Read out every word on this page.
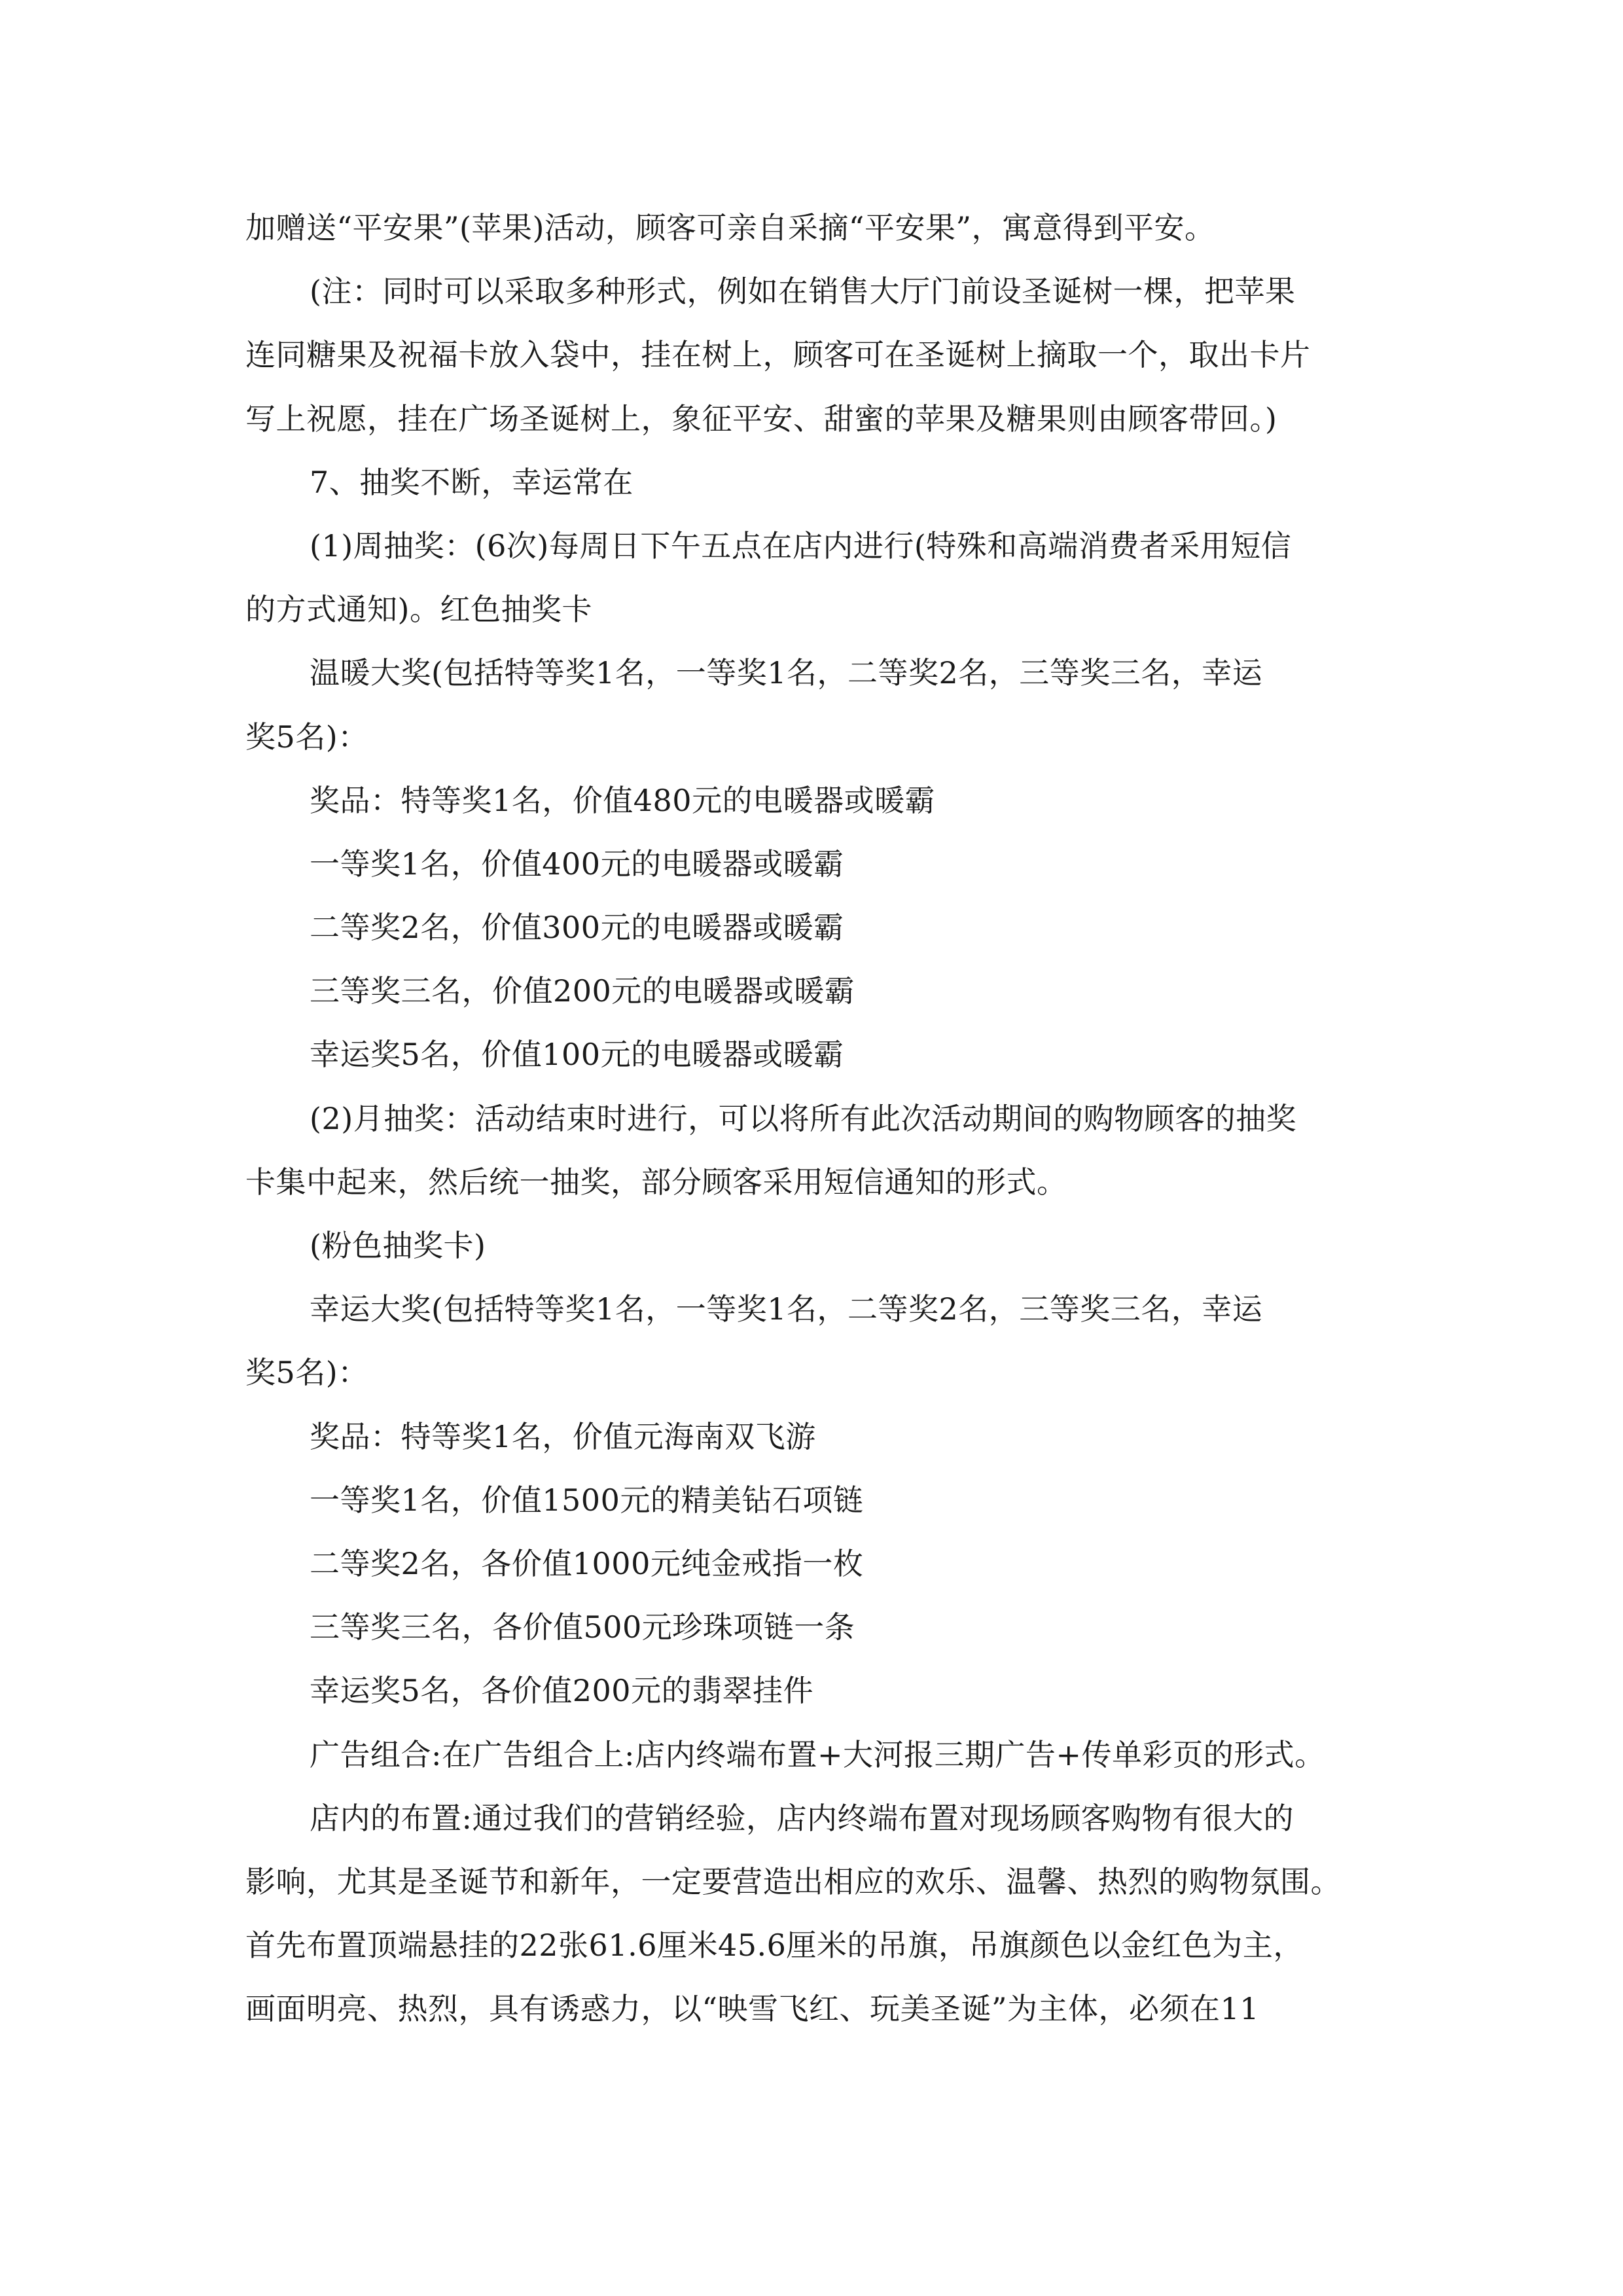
加赠送“平安果”(苹果)活动，顾客可亲自采摘“平安果”，寓意得到平安。
(注：同时可以采取多种形式，例如在销售大厅门前设圣诞树一棵，把苹果
连同糖果及祝福卡放入袋中，挂在树上，顾客可在圣诞树上摘取一个，取出卡片
写上祝愿，挂在广场圣诞树上，象征平安、甜蜜的苹果及糖果则由顾客带回。)
7、抽奖不断，幸运常在
(1)周抽奖：(6次)每周日下午五点在店内进行(特殊和高端消费者采用短信
的方式通知)。红色抽奖卡
温暖大奖(包括特等奖1名，一等奖1名，二等奖2名，三等奖三名，幸运
奖5名)：
奖品：特等奖1名，价值480元的电暖器或暖霸
一等奖1名，价值400元的电暖器或暖霸
二等奖2名，价值300元的电暖器或暖霸
三等奖三名，价值200元的电暖器或暖霸
幸运奖5名，价值100元的电暖器或暖霸
(2)月抽奖：活动结束时进行，可以将所有此次活动期间的购物顾客的抽奖
卡集中起来，然后统一抽奖，部分顾客采用短信通知的形式。
(粉色抽奖卡)
幸运大奖(包括特等奖1名，一等奖1名，二等奖2名，三等奖三名，幸运
奖5名)：
奖品：特等奖1名，价值元海南双飞游
一等奖1名，价值1500元的精美钻石项链
二等奖2名，各价值1000元纯金戒指一枚
三等奖三名，各价值500元珍珠项链一条
幸运奖5名，各价值200元的翡翠挂件
广告组合:在广告组合上:店内终端布置+大河报三期广告+传单彩页的形式。
店内的布置:通过我们的营销经验，店内终端布置对现场顾客购物有很大的
影响，尤其是圣诞节和新年，一定要营造出相应的欢乐、温馨、热烈的购物氛围。
首先布置顶端悬挂的22张61.6厘米45.6厘米的吊旗，吊旗颜色以金红色为主，
画面明亮、热烈，具有诱惑力，以“映雪飞红、玩美圣诞”为主体，必须在11
